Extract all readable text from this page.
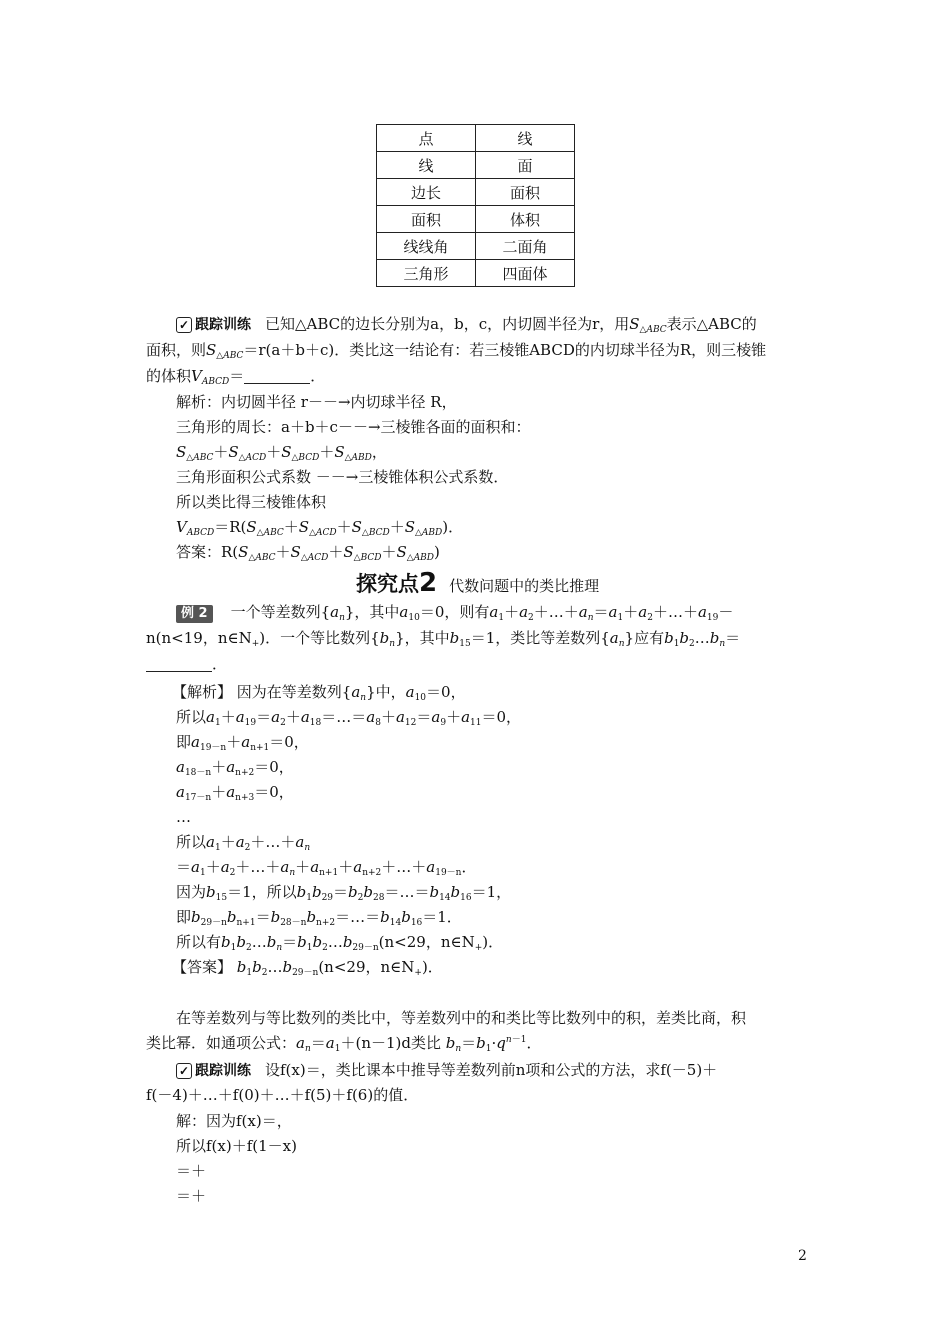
点	线
线	面
边长	面积
面积	体积
线线角	二面角
三角形	四面体
✓ 跟踪训练 已知△ABC的边长分别为a，b，c，内切圆半径为r，用$S_{\triangle ABC}$表示△ABC的
面积，则$S_{\triangle ABC}=r(a+b+c)$．类比这一结论有：若三棱锥ABCD的内切球半径为R，则三棱锥
的体积$V_{ABCD}=$	．
解析：内切圆半径 r－－→内切球半径 R，
三角形的周长：a＋b＋c－－→三棱锥各面的面积和：
$S_{\triangle ABC}+S_{\triangle ACD}+S_{\triangle BCD}+S_{\triangle ABD}$，
三角形面积公式系数 －－→三棱锥体积公式系数．
所以类比得三棱锥体积
$V_{ABCD}=R(S_{\triangle ABC}+S_{\triangle ACD}+S_{\triangle BCD}+S_{\triangle ABD})$．
答案：$R(S_{\triangle ABC}+S_{\triangle ACD}+S_{\triangle BCD}+S_{\triangle ABD})$
探究点2 代数问题中的类比推理
例 2 一个等差数列$\{a_n\}$，其中$a_{10}=0$，则有$a_1+a_2+\dots+a_n=a_1+a_2+\dots+a_{19}-$
n(n<19，$n\in N_+$)．一个等比数列$\{b_n\}$，其中$b_{15}=1$，类比等差数列$\{a_n\}$应有$b_1b_2\dots b_n=$
．
【解析】 因为在等差数列$\{a_n\}$中，$a_{10}=0$，
所以$a_1+a_{19}=a_2+a_{18}=\dots=a_8+a_{12}=a_9+a_{11}=0$，
即$a_{19-n}+a_{n+1}=0$，
$a_{18-n}+a_{n+2}=0$，
$a_{17-n}+a_{n+3}=0$，
…
所以$a_1+a_2+\dots+a_n$
$=a_1+a_2+\dots+a_n+a_{n+1}+a_{n+2}+\dots+a_{19-n}$．
因为$b_{15}=1$，所以$b_1b_{29}=b_2b_{28}=\dots=b_{14}b_{16}=1$，
即$b_{29-n}b_{n+1}=b_{28-n}b_{n+2}=\dots=b_{14}b_{16}=1$．
所以有$b_1b_2\dots b_n=b_1b_2\dots b_{29-n}(n<29$，$n\in N_+$)．
【答案】 $b_1b_2\dots b_{29-n}(n<29$，$n\in N_+$)．
在等差数列与等比数列的类比中，等差数列中的和类比等比数列中的积，差类比商，积
类比幂．如通项公式：$a_n=a_1+(n-1)d$类比 $b_n=b_1\cdot q^{n-1}$．
✓ 跟踪训练 设f(x)＝，类比课本中推导等差数列前n项和公式的方法，求f(－5)＋
f(－4)＋…＋f(0)＋…＋f(5)＋f(6)的值．
解：因为f(x)＝，
所以f(x)＋f(1－x)
＝＋
＝＋
2
